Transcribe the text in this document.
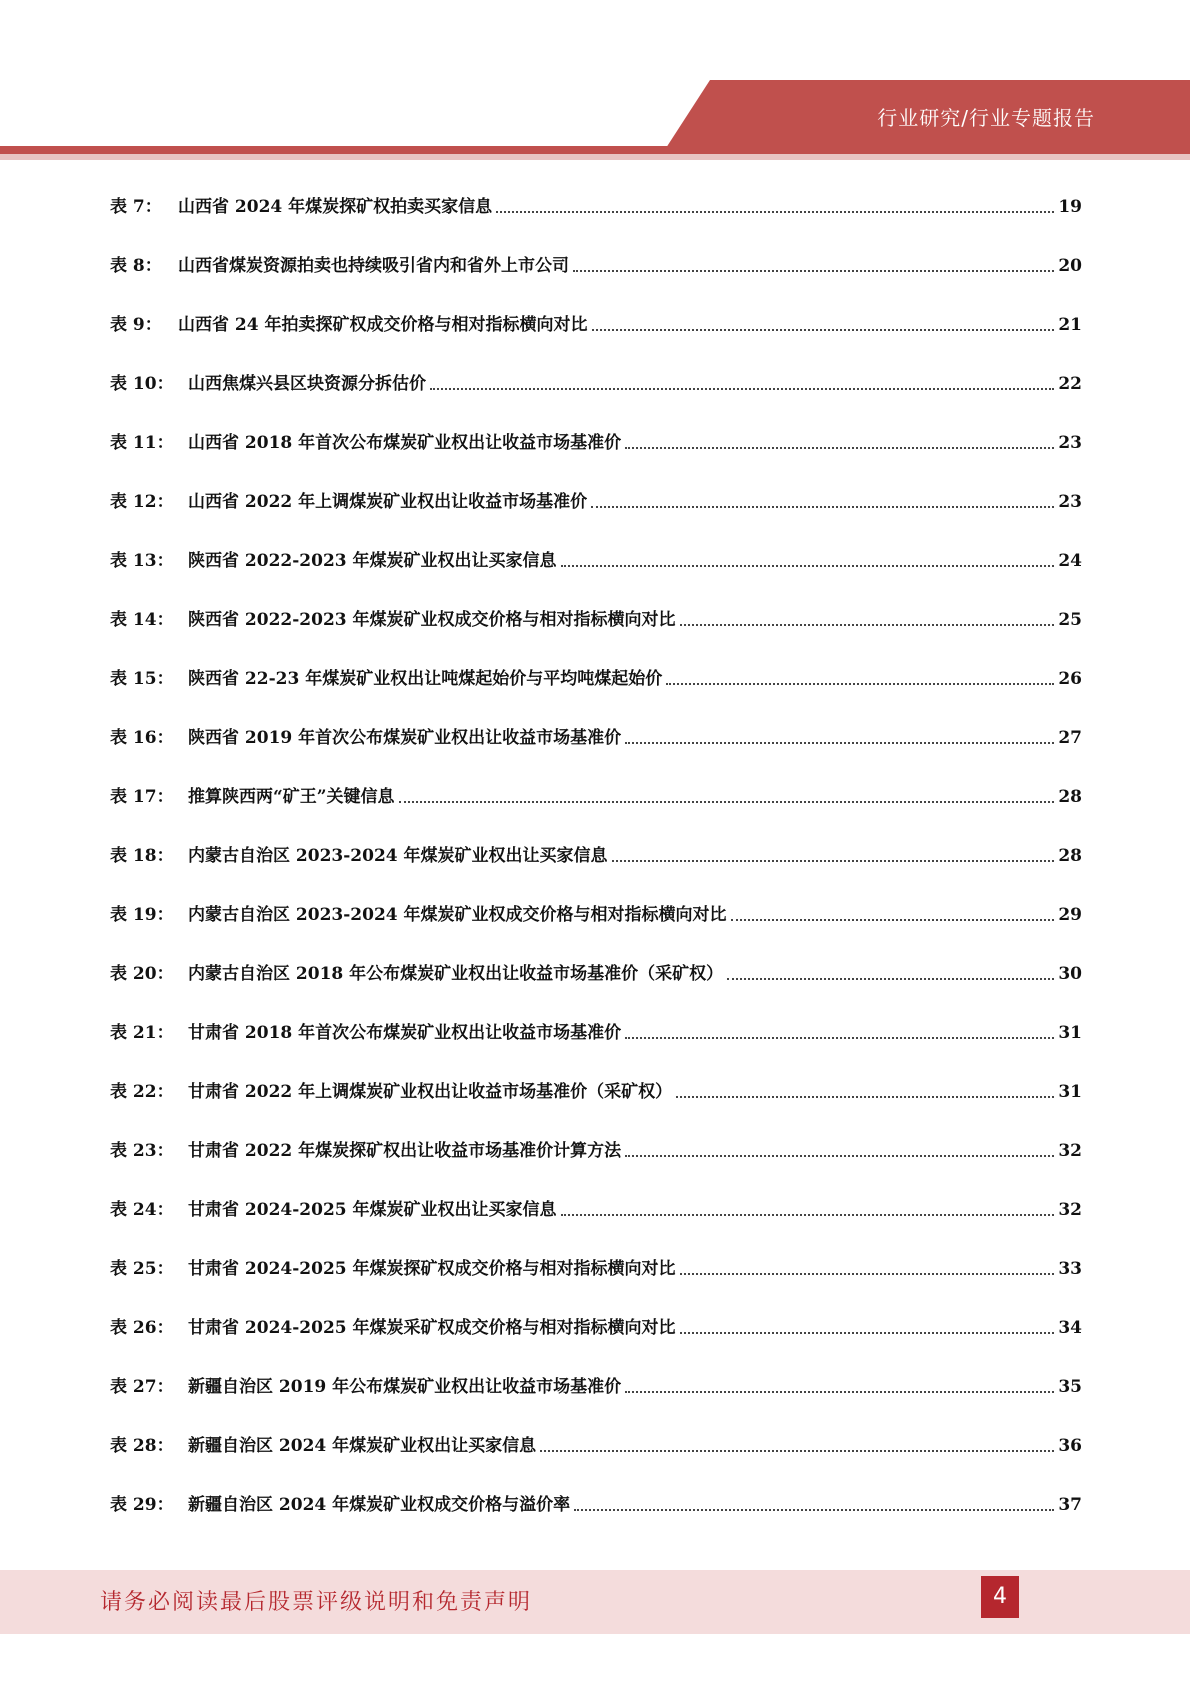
行业研究/行业专题报告
表 7： 山西省 2024 年煤炭探矿权拍卖买家信息	19
表 8： 山西省煤炭资源拍卖也持续吸引省内和省外上市公司	20
表 9： 山西省 24 年拍卖探矿权成交价格与相对指标横向对比	21
表 10： 山西焦煤兴县区块资源分拆估价	22
表 11： 山西省 2018 年首次公布煤炭矿业权出让收益市场基准价	23
表 12： 山西省 2022 年上调煤炭矿业权出让收益市场基准价	23
表 13： 陕西省 2022-2023 年煤炭矿业权出让买家信息	24
表 14： 陕西省 2022-2023 年煤炭矿业权成交价格与相对指标横向对比	25
表 15： 陕西省 22-23 年煤炭矿业权出让吨煤起始价与平均吨煤起始价	26
表 16： 陕西省 2019 年首次公布煤炭矿业权出让收益市场基准价	27
表 17： 推算陕西两“矿王”关键信息	28
表 18： 内蒙古自治区 2023-2024 年煤炭矿业权出让买家信息	28
表 19： 内蒙古自治区 2023-2024 年煤炭矿业权成交价格与相对指标横向对比	29
表 20： 内蒙古自治区 2018 年公布煤炭矿业权出让收益市场基准价（采矿权）	30
表 21： 甘肃省 2018 年首次公布煤炭矿业权出让收益市场基准价	31
表 22： 甘肃省 2022 年上调煤炭矿业权出让收益市场基准价（采矿权）	31
表 23： 甘肃省 2022 年煤炭探矿权出让收益市场基准价计算方法	32
表 24： 甘肃省 2024-2025 年煤炭矿业权出让买家信息	32
表 25： 甘肃省 2024-2025 年煤炭探矿权成交价格与相对指标横向对比	33
表 26： 甘肃省 2024-2025 年煤炭采矿权成交价格与相对指标横向对比	34
表 27： 新疆自治区 2019 年公布煤炭矿业权出让收益市场基准价	35
表 28： 新疆自治区 2024 年煤炭矿业权出让买家信息	36
表 29： 新疆自治区 2024 年煤炭矿业权成交价格与溢价率	37
请务必阅读最后股票评级说明和免责声明	4
